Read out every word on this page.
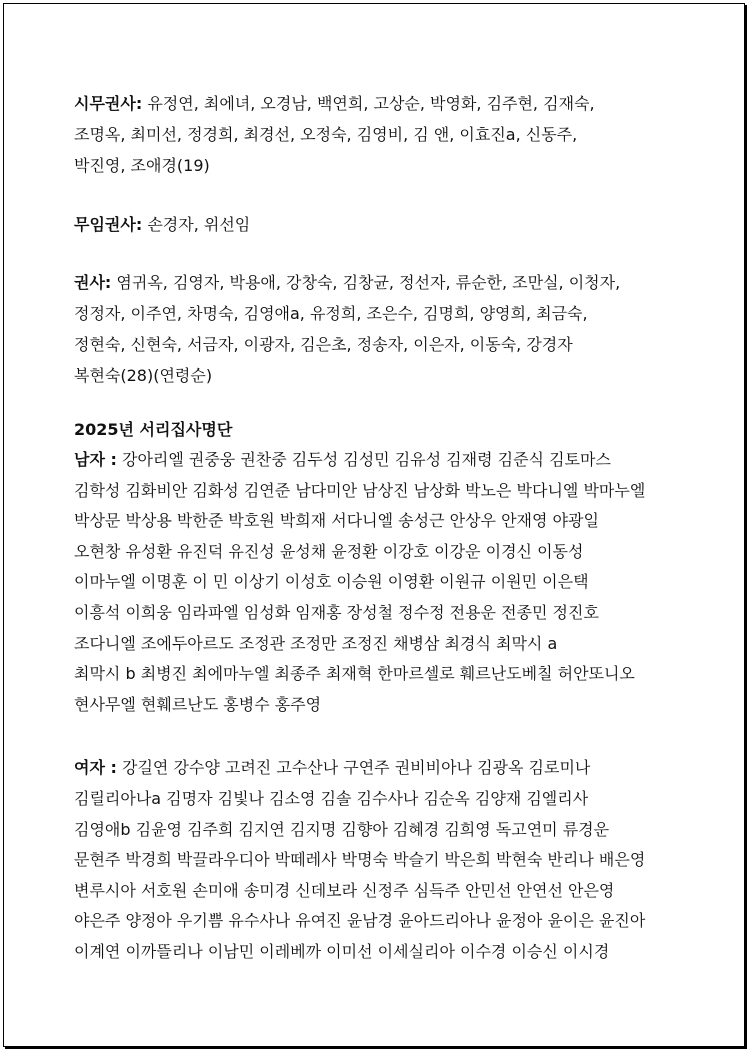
시무권사: 유정연, 최에녀, 오경남, 백연희, 고상순, 박영화, 김주현, 김재숙,

조명옥, 최미선, 정경희, 최경선, 오정숙, 김영비, 김 앤, 이효진a, 신동주,

박진영, 조애경(19)

무임권사: 손경자, 위선임

권사: 염귀옥, 김영자, 박용애, 강창숙, 김창균, 정선자, 류순한, 조만실, 이청자,

정정자, 이주연, 차명숙, 김영애a, 유정희, 조은수, 김명희, 양영희, 최금숙,

정현숙, 신현숙, 서금자, 이광자, 김은초, 정송자, 이은자, 이동숙, 강경자

복현숙(28)(연령순)

2025년 서리집사명단

남자 : 강아리엘 권중웅 권찬중 김두성 김성민 김유성 김재령 김준식 김토마스

김학성 김화비안 김화성 김연준 남다미안 남상진 남상화 박노은 박다니엘 박마누엘

박상문 박상용 박한준 박호원 박희재 서다니엘 송성근 안상우 안재영 야광일

오현창 유성환 유진덕 유진성 윤성채 윤정환 이강호 이강운 이경신 이동성

이마누엘 이명훈 이 민 이상기 이성호 이승원 이영환 이원규 이원민 이은택

이흥석 이희웅 임라파엘 임성화 임재홍 장성철 정수정 전용운 전종민 정진호

조다니엘 조에두아르도 조정관 조정만 조정진 채병삼 최경식 최막시 a

최막시 b 최병진 최에마누엘 최종주 최재혁 한마르셀로 훼르난도베칠 허안또니오

현사무엘 현훼르난도 홍병수 홍주영

여자 : 강길연 강수양 고려진 고수산나 구연주 권비비아나 김광옥 김로미나

김릴리아나a 김명자 김빛나 김소영 김솔 김수사나 김순옥 김양재 김엘리사

김영애b 김윤영 김주희 김지연 김지명 김향아 김혜경 김희영 독고연미 류경운

문현주 박경희 박끌라우디아 박떼레사 박명숙 박슬기 박은희 박현숙 반리나 배은영

변루시아 서호원 손미애 송미경 신데보라 신정주 심득주 안민선 안연선 안은영

야은주 양정아 우기쁨 유수사나 유여진 윤남경 윤아드리아나 윤정아 윤이은 윤진아

이계연 이까뜰리나 이남민 이레베까 이미선 이세실리아 이수경 이승신 이시경
